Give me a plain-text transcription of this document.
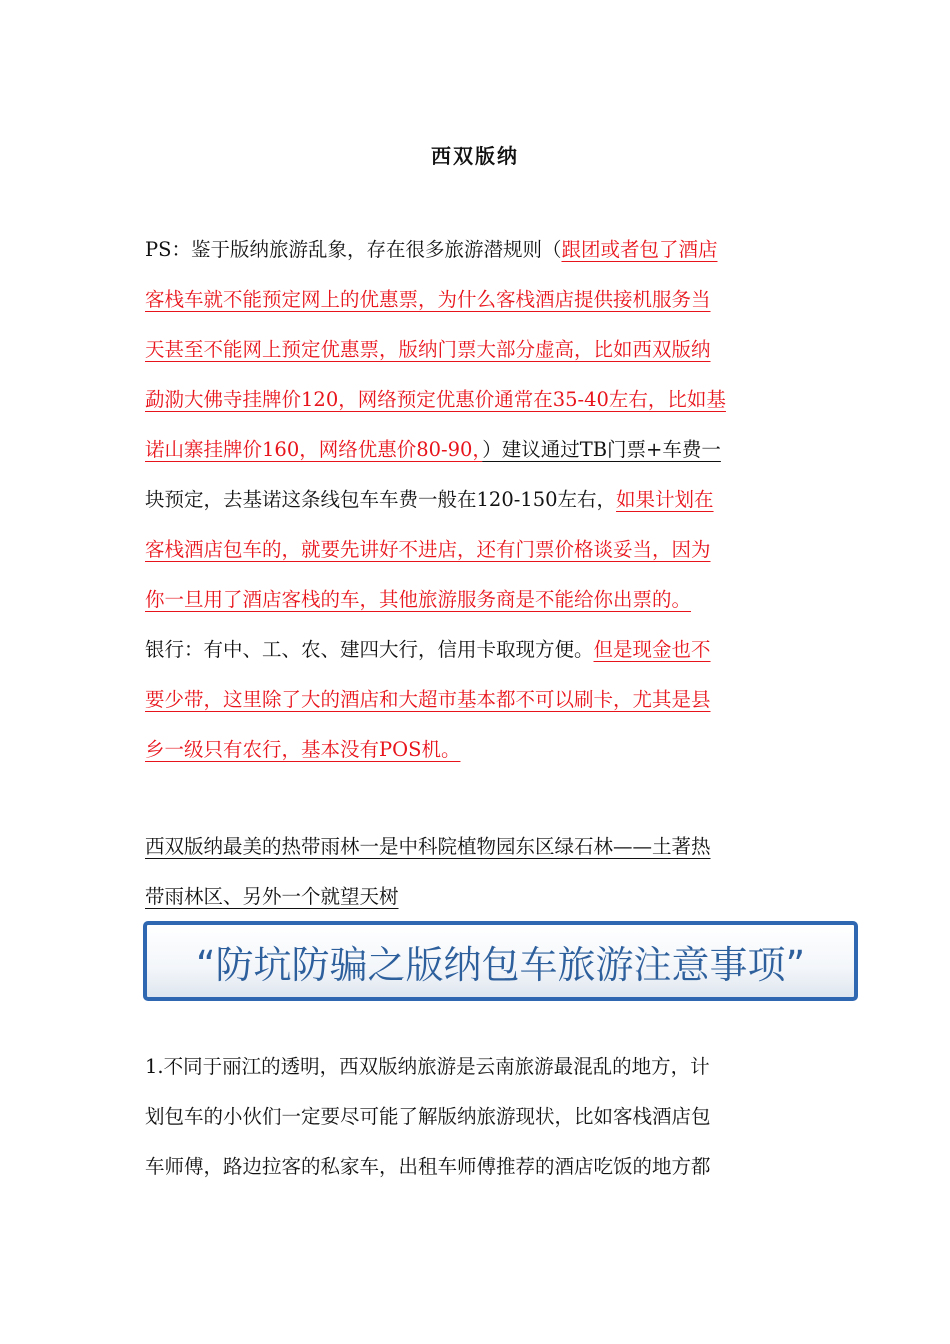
西双版纳
PS：鉴于版纳旅游乱象，存在很多旅游潜规则（跟团或者包了酒店
客栈车就不能预定网上的优惠票，为什么客栈酒店提供接机服务当
天甚至不能网上预定优惠票，版纳门票大部分虚高，比如西双版纳
勐泐大佛寺挂牌价120，网络预定优惠价通常在35-40左右，比如基
诺山寨挂牌价160，网络优惠价80-90，）建议通过TB门票+车费一
块预定，去基诺这条线包车车费一般在120-150左右，如果计划在
客栈酒店包车的，就要先讲好不进店，还有门票价格谈妥当，因为
你一旦用了酒店客栈的车，其他旅游服务商是不能给你出票的。
银行：有中、工、农、建四大行，信用卡取现方便。但是现金也不
要少带，这里除了大的酒店和大超市基本都不可以刷卡，尤其是县
乡一级只有农行，基本没有POS机。
西双版纳最美的热带雨林一是中科院植物园东区绿石林——土著热
带雨林区、另外一个就望天树
“防坑防骗之版纳包车旅游注意事项”
1.不同于丽江的透明，西双版纳旅游是云南旅游最混乱的地方，计
划包车的小伙们一定要尽可能了解版纳旅游现状，比如客栈酒店包
车师傅，路边拉客的私家车，出租车师傅推荐的酒店吃饭的地方都
